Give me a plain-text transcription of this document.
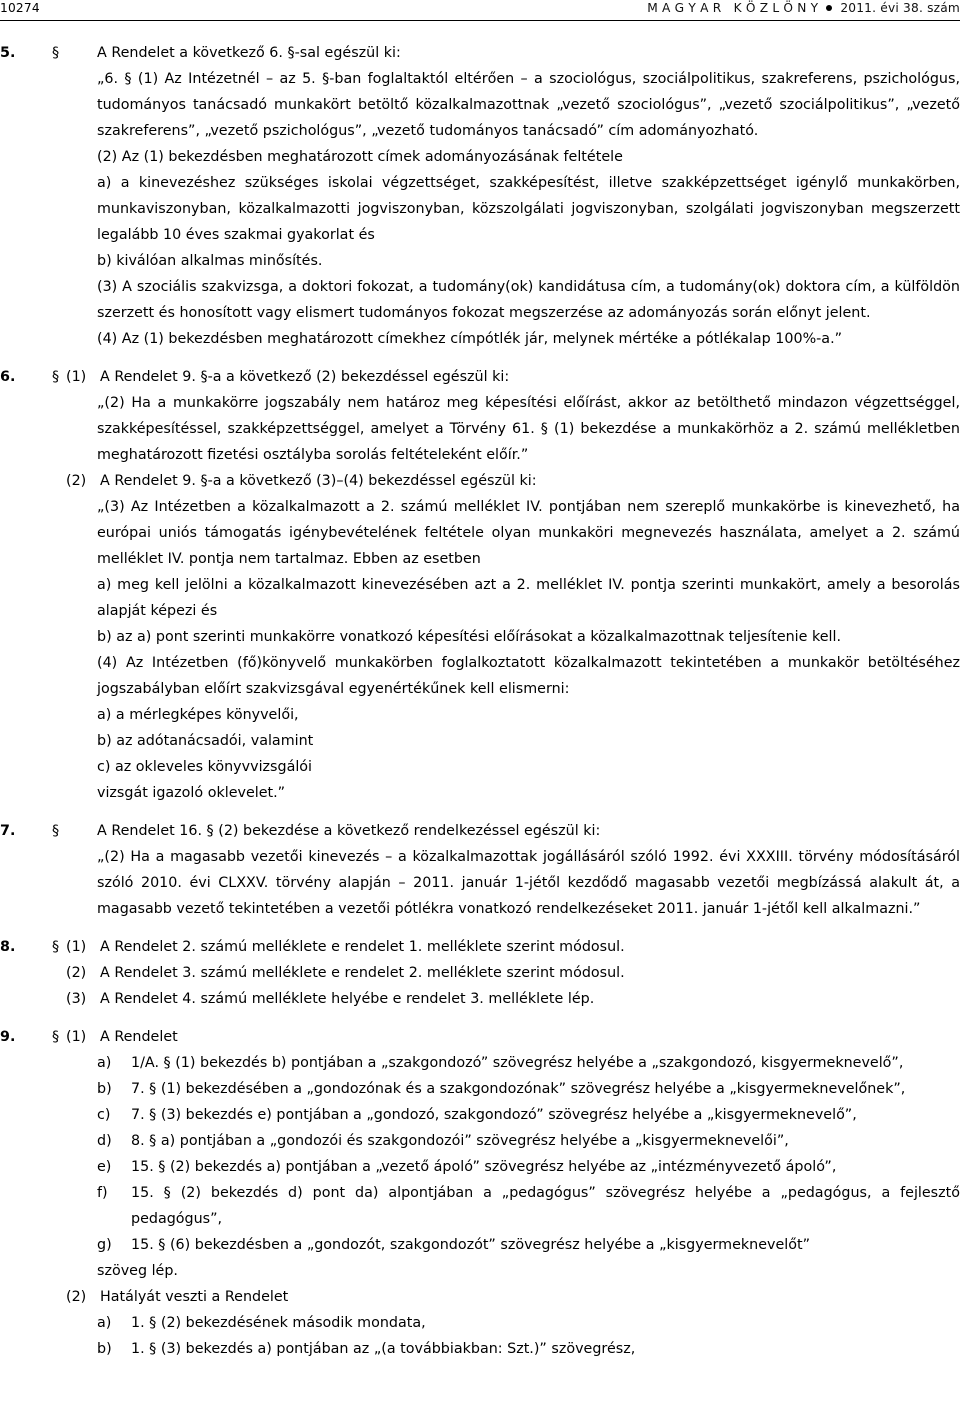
10274	M A G Y A R   K Ö Z L Ö N Y 2011. évi 38. szám
5.	§	A Rendelet a következő 6. §-sal egészül ki:

„6. § (1) Az Intézetnél – az 5. §-ban foglaltaktól eltérően – a szociológus, szociálpolitikus, szakreferens, pszichológus, tudományos tanácsadó munkakört betöltő közalkalmazottnak „vezető szociológus”, „vezető szociálpolitikus”, „vezető szakreferens”, „vezető pszichológus”, „vezető tudományos tanácsadó” cím adományozható.

(2) Az (1) bekezdésben meghatározott címek adományozásának feltétele

a) a kinevezéshez szükséges iskolai végzettséget, szakképesítést, illetve szakképzettséget igénylő munkakörben, munkaviszonyban, közalkalmazotti jogviszonyban, közszolgálati jogviszonyban, szolgálati jogviszonyban megszerzett legalább 10 éves szakmai gyakorlat és

b) kiválóan alkalmas minősítés.

(3) A szociális szakvizsga, a doktori fokozat, a tudomány(ok) kandidátusa cím, a tudomány(ok) doktora cím, a külföldön szerzett és honosított vagy elismert tudományos fokozat megszerzése az adományozás során előnyt jelent.

(4) Az (1) bekezdésben meghatározott címekhez címpótlék jár, melynek mértéke a pótlékalap 100%-a.”

6.	§ (1) A Rendelet 9. §-a a következő (2) bekezdéssel egészül ki:

„(2) Ha a munkakörre jogszabály nem határoz meg képesítési előírást, akkor az betölthető mindazon végzettséggel, szakképesítéssel, szakképzettséggel, amelyet a Törvény 61. § (1) bekezdése a munkakörhöz a 2. számú mellékletben meghatározott fizetési osztályba sorolás feltételeként előír.”

(2) A Rendelet 9. §-a a következő (3)–(4) bekezdéssel egészül ki:

„(3) Az Intézetben a közalkalmazott a 2. számú melléklet IV. pontjában nem szereplő munkakörbe is kinevezhető, ha európai uniós támogatás igénybevételének feltétele olyan munkaköri megnevezés használata, amelyet a 2. számú melléklet IV. pontja nem tartalmaz. Ebben az esetben

a) meg kell jelölni a közalkalmazott kinevezésében azt a 2. melléklet IV. pontja szerinti munkakört, amely a besorolás alapját képezi és

b) az a) pont szerinti munkakörre vonatkozó képesítési előírásokat a közalkalmazottnak teljesítenie kell.

(4) Az Intézetben (fő)könyvelő munkakörben foglalkoztatott közalkalmazott tekintetében a munkakör betöltéséhez jogszabályban előírt szakvizsgával egyenértékűnek kell elismerni:

a) a mérlegképes könyvelői,

b) az adótanácsadói, valamint

c) az okleveles könyvvizsgálói

vizsgát igazoló oklevelet.”

7.	§	A Rendelet 16. § (2) bekezdése a következő rendelkezéssel egészül ki:

„(2) Ha a magasabb vezetői kinevezés – a közalkalmazottak jogállásáról szóló 1992. évi XXXIII. törvény módosításáról szóló 2010. évi CLXXV. törvény alapján – 2011. január 1-jétől kezdődő magasabb vezetői megbízássá alakult át, a magasabb vezető tekintetében a vezetői pótlékra vonatkozó rendelkezéseket 2011. január 1-jétől kell alkalmazni.”

8.	§ (1) A Rendelet 2. számú melléklete e rendelet 1. melléklete szerint módosul.
(2) A Rendelet 3. számú melléklete e rendelet 2. melléklete szerint módosul.
(3) A Rendelet 4. számú melléklete helyébe e rendelet 3. melléklete lép.
9.	§ (1) A Rendelet
a)	1/A. § (1) bekezdés b) pontjában a „szakgondozó” szövegrész helyébe a „szakgondozó, kisgyermeknevelő”,
b)	7. § (1) bekezdésében a „gondozónak és a szakgondozónak” szövegrész helyébe a „kisgyermeknevelőnek”,
c)	7. § (3) bekezdés e) pontjában a „gondozó, szakgondozó” szövegrész helyébe a „kisgyermeknevelő”,
d)	8. § a) pontjában a „gondozói és szakgondozói” szövegrész helyébe a „kisgyermeknevelői”,
e)	15. § (2) bekezdés a) pontjában a „vezető ápoló” szövegrész helyébe az „intézményvezető ápoló”,
f)	15. § (2) bekezdés d) pont da) alpontjában a „pedagógus” szövegrész helyébe a „pedagógus, a fejlesztő pedagógus”,
g)	15. § (6) bekezdésben a „gondozót, szakgondozót” szövegrész helyébe a „kisgyermeknevelőt”

szöveg lép.

(2) Hatályát veszti a Rendelet
a)	1. § (2) bekezdésének második mondata,
b)	1. § (3) bekezdés a) pontjában az „(a továbbiakban: Szt.)” szövegrész,
